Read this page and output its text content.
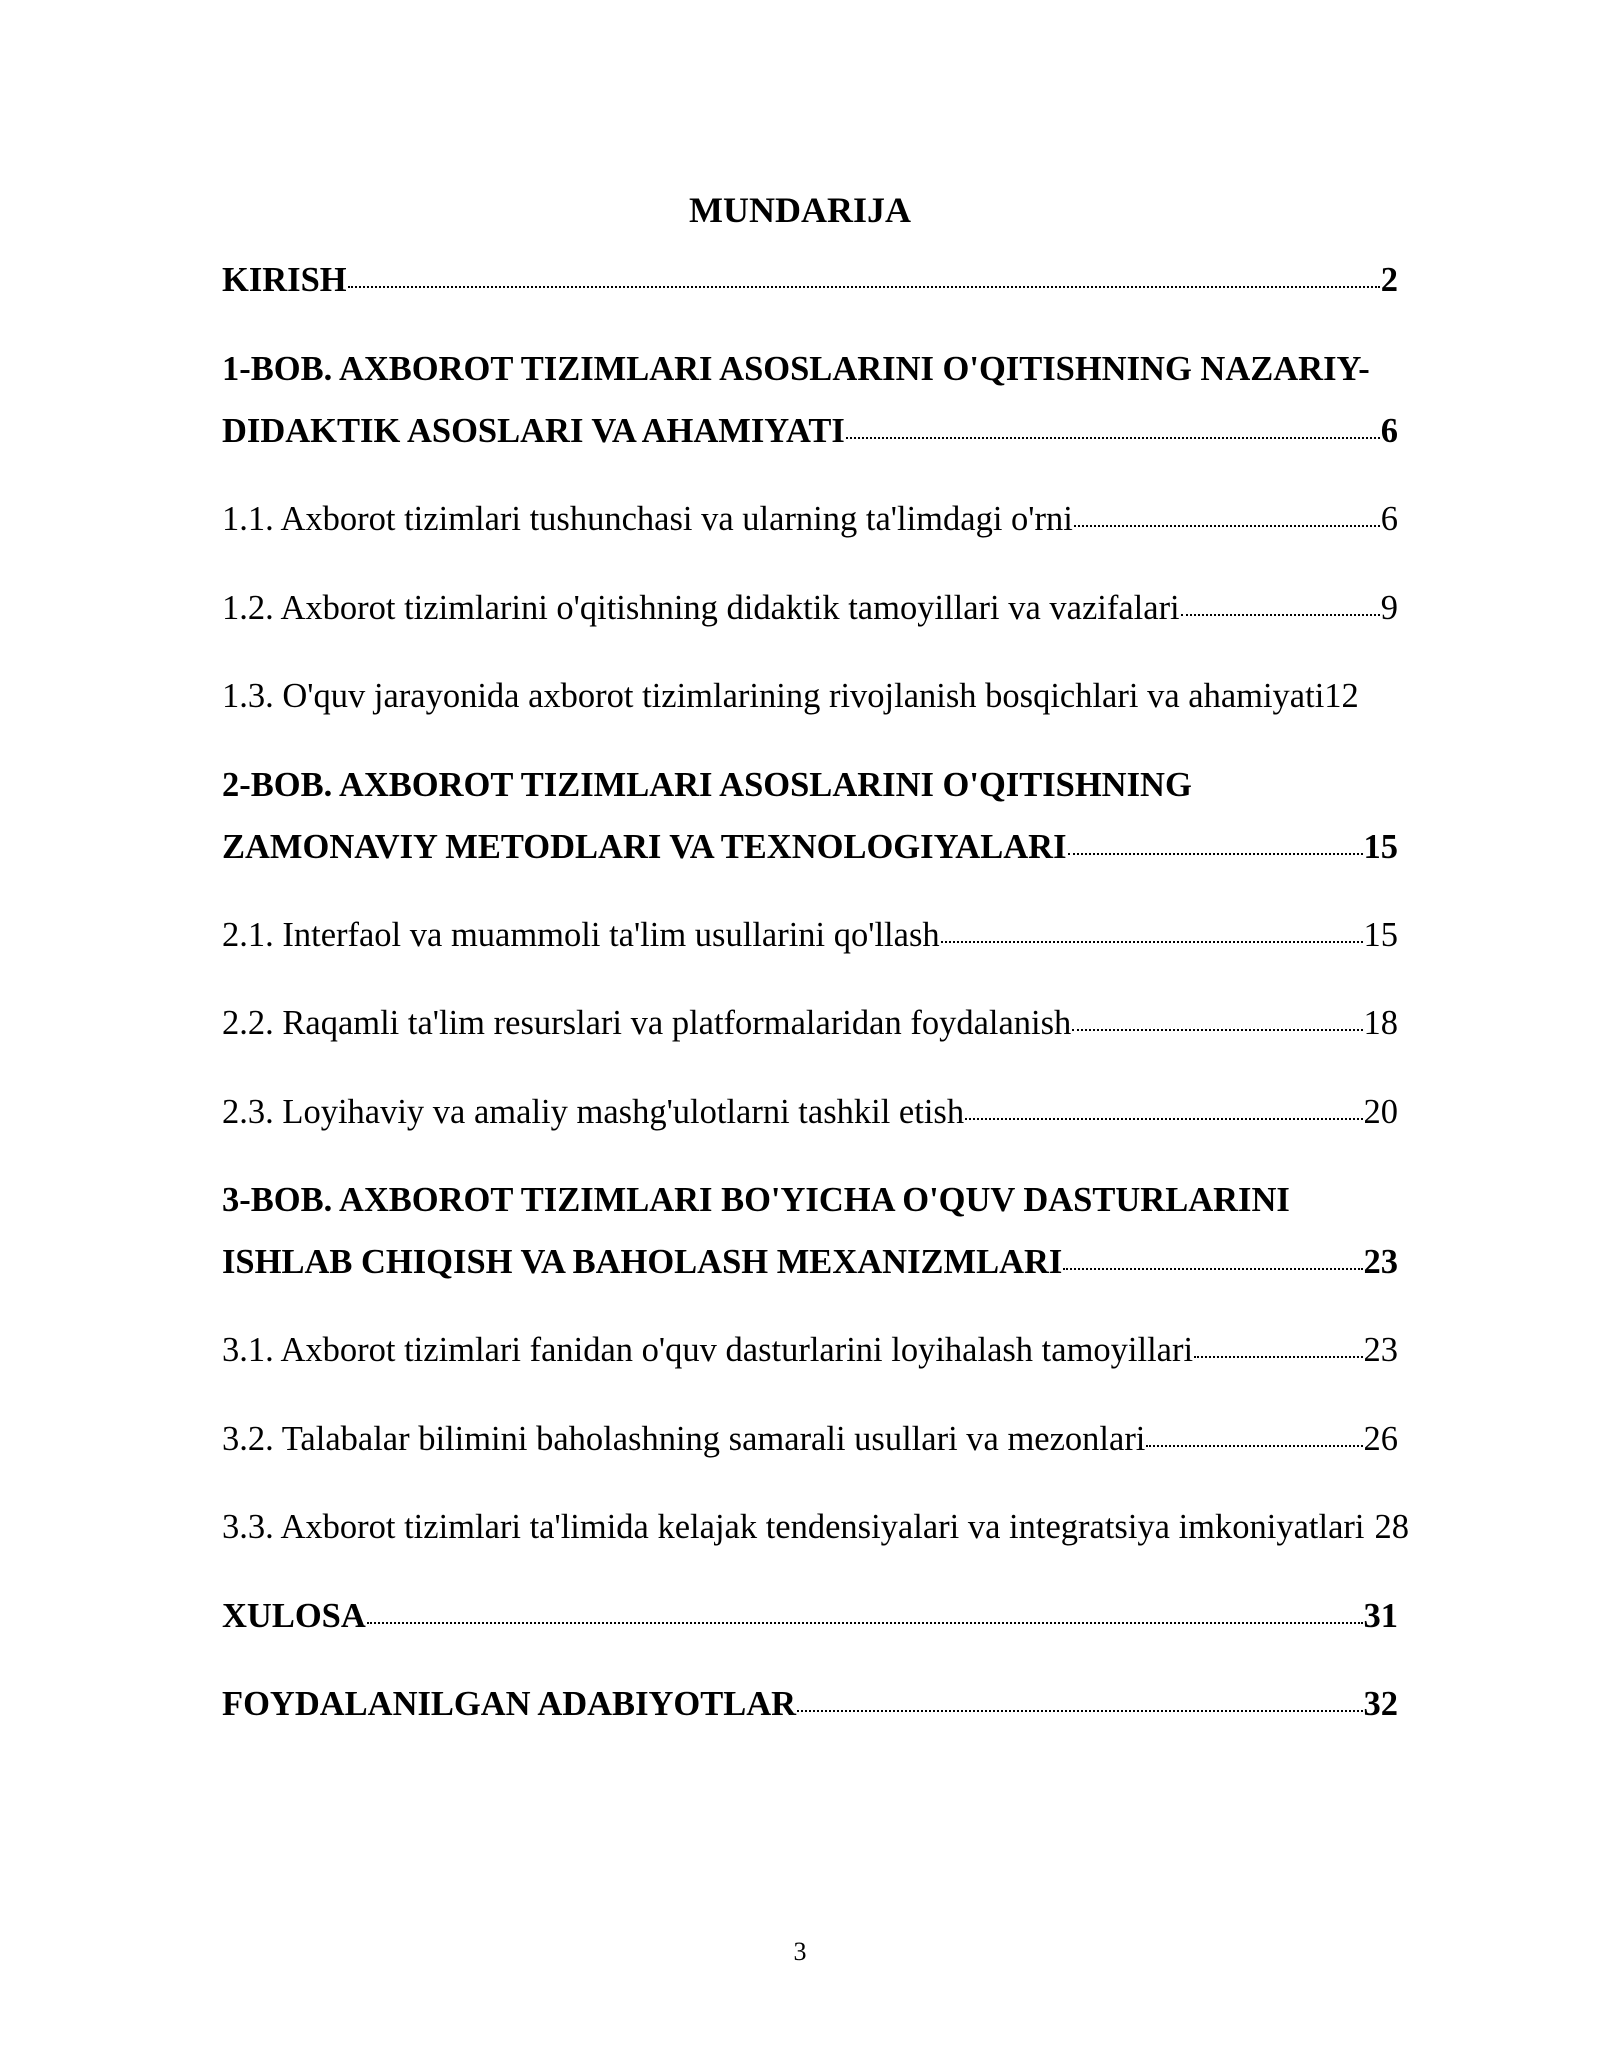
MUNDARIJA
KIRISH	2
1-BOB. AXBOROT TIZIMLARI ASOSLARINI O'QITISHNING NAZARIY-
DIDAKTIK ASOSLARI VA AHAMIYATI	6
1.1. Axborot tizimlari tushunchasi va ularning ta'limdagi o'rni	6
1.2. Axborot tizimlarini o'qitishning didaktik tamoyillari va vazifalari	9
1.3. O'quv jarayonida axborot tizimlarining rivojlanish bosqichlari va ahamiyati 12
2-BOB. AXBOROT TIZIMLARI ASOSLARINI O'QITISHNING
ZAMONAVIY METODLARI VA TEXNOLOGIYALARI	15
2.1. Interfaol va muammoli ta'lim usullarini qo'llash	15
2.2. Raqamli ta'lim resurslari va platformalaridan foydalanish	18
2.3. Loyihaviy va amaliy mashg'ulotlarni tashkil etish	20
3-BOB. AXBOROT TIZIMLARI BO'YICHA O'QUV DASTURLARINI
ISHLAB CHIQISH VA BAHOLASH MEXANIZMLARI	23
3.1. Axborot tizimlari fanidan o'quv dasturlarini loyihalash tamoyillari	23
3.2. Talabalar bilimini baholashning samarali usullari va mezonlari	26
3.3. Axborot tizimlari ta'limida kelajak tendensiyalari va integratsiya imkoniyatlari 28
XULOSA	31
FOYDALANILGAN ADABIYOTLAR	32
3
